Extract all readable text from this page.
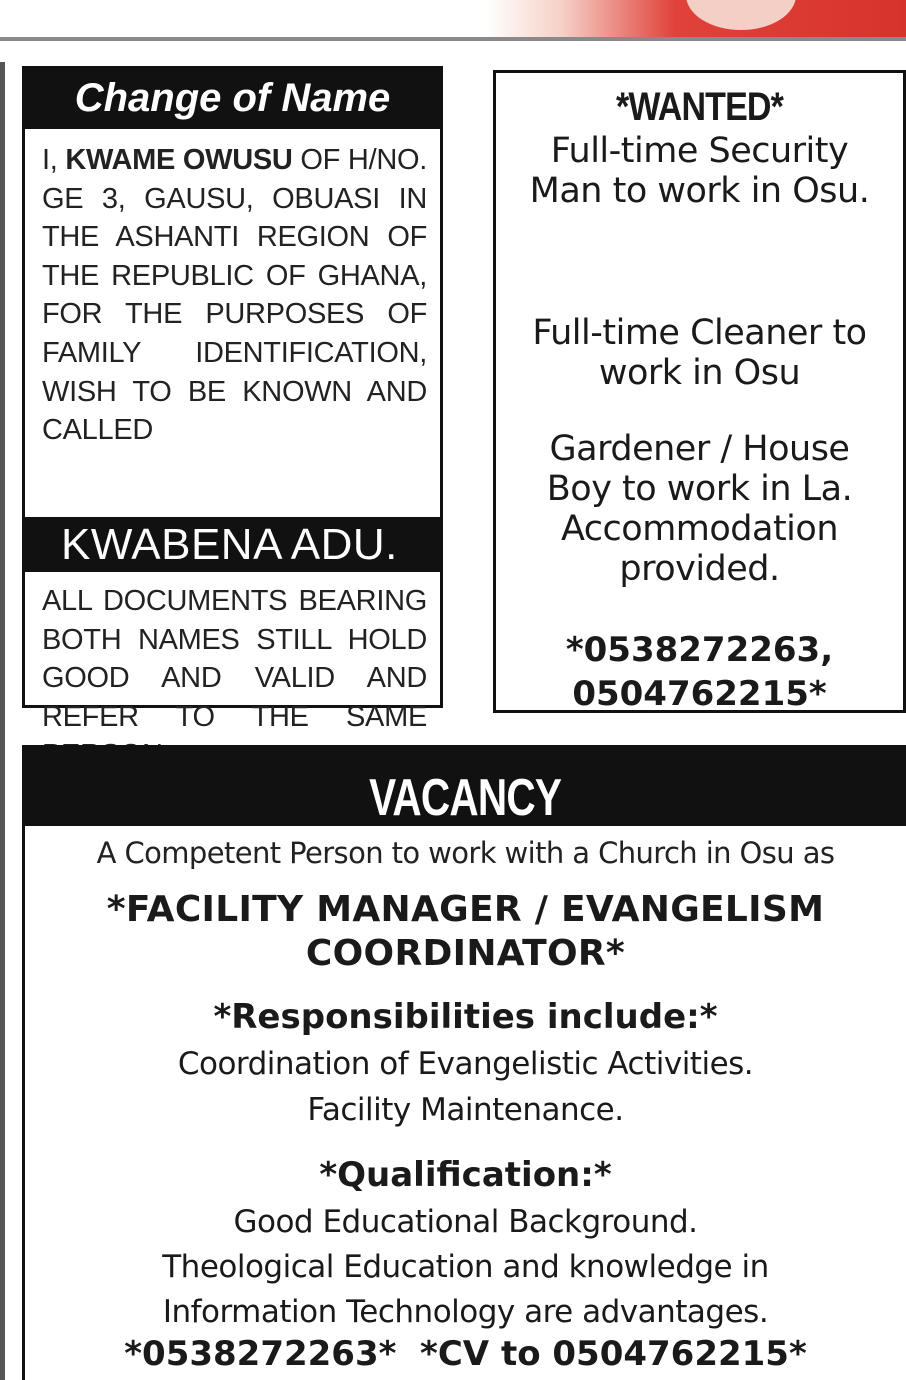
Change of Name
I, KWAME OWUSU OF H/NO. GE 3, GAUSU, OBUASI IN THE ASHANTI REGION OF THE REPUBLIC OF GHANA, FOR THE PURPOSES OF FAMILY IDENTIFICATION, WISH TO BE KNOWN AND CALLED
KWABENA ADU.
ALL DOCUMENTS BEARING BOTH NAMES STILL HOLD GOOD AND VALID AND REFER TO THE SAME
*WANTED*
Full-time Security
Man to work in Osu.
Full-time Cleaner to
work in Osu
Gardener / House
Boy to work in La.
Accommodation
provided.
*0538272263,
0504762215*
VACANCY
A Competent Person to work with a Church in Osu as
*FACILITY MANAGER / EVANGELISM
COORDINATOR*
*Responsibilities include:*
Coordination of Evangelistic Activities.
Facility Maintenance.
*Qualification:*
Good Educational Background.
Theological Education and knowledge in
Information Technology are advantages.
*0538272263*  *CV to 0504762215*
